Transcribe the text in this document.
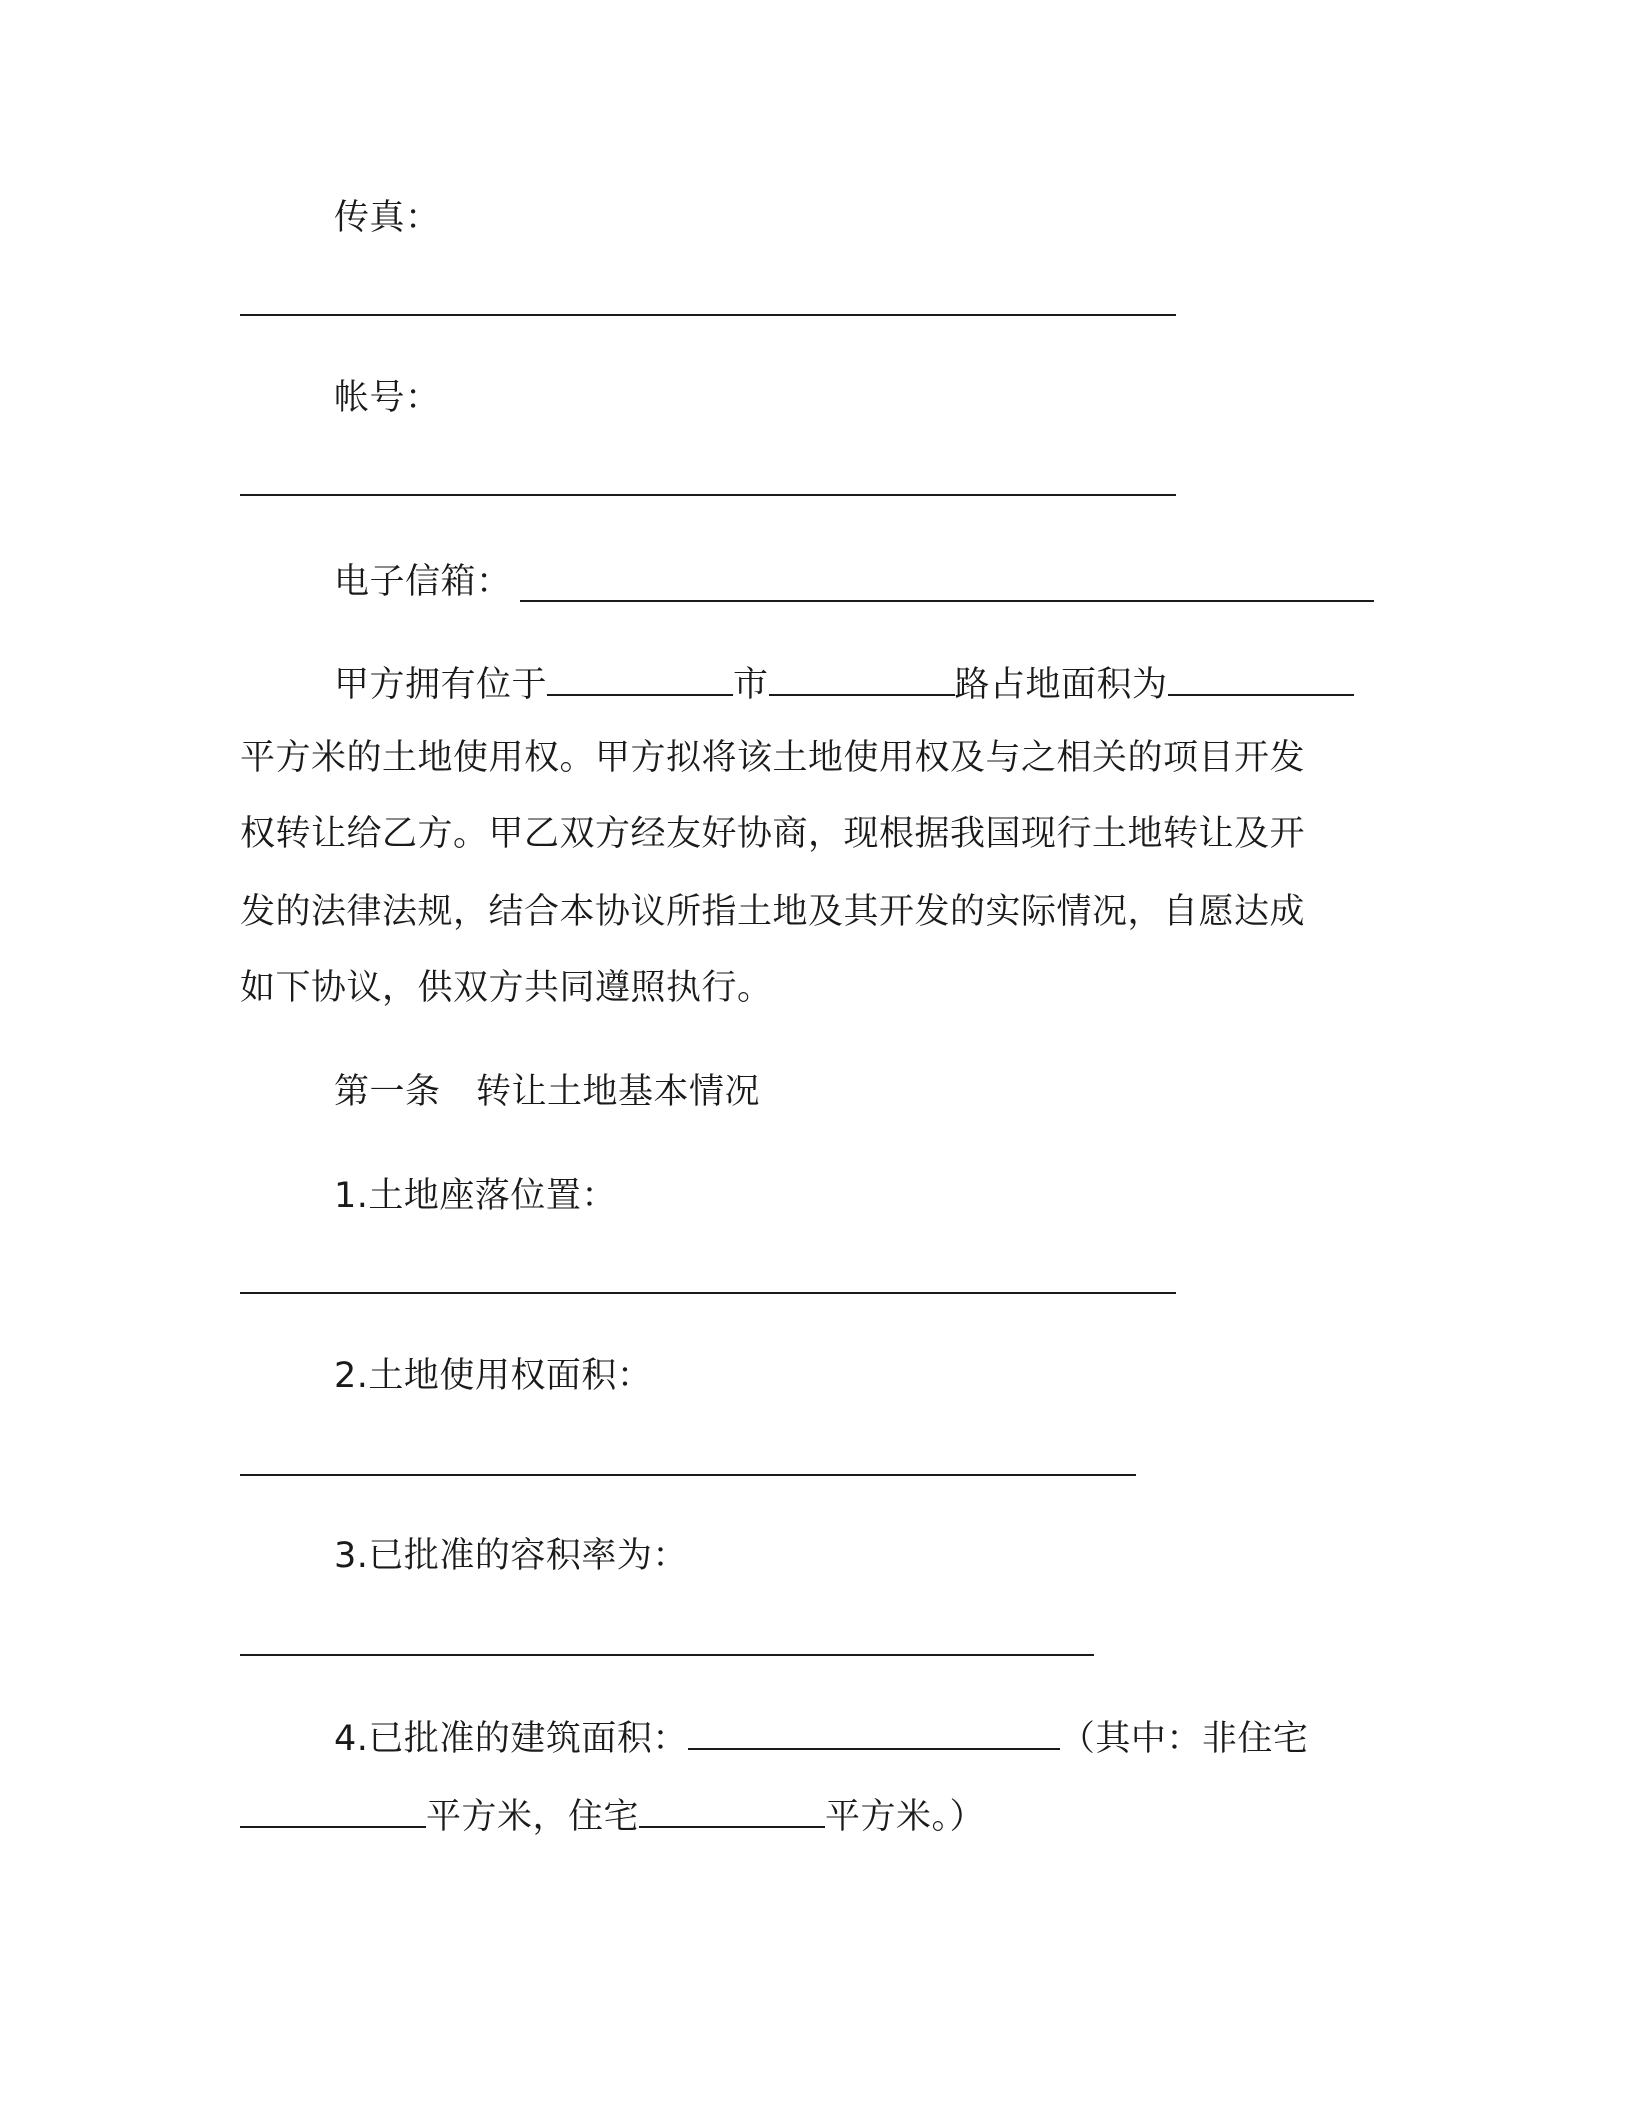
传真：
帐号：
电子信箱：
甲方拥有位于	市	路占地面积为
平方米的土地使用权。甲方拟将该土地使用权及与之相关的项目开发
权转让给乙方。甲乙双方经友好协商，现根据我国现行土地转让及开
发的法律法规，结合本协议所指土地及其开发的实际情况，自愿达成
如下协议，供双方共同遵照执行。
第一条　转让土地基本情况
1.土地座落位置：
2.土地使用权面积：
3.已批准的容积率为：
4.已批准的建筑面积：	（其中：非住宅
平方米，住宅	平方米。）
